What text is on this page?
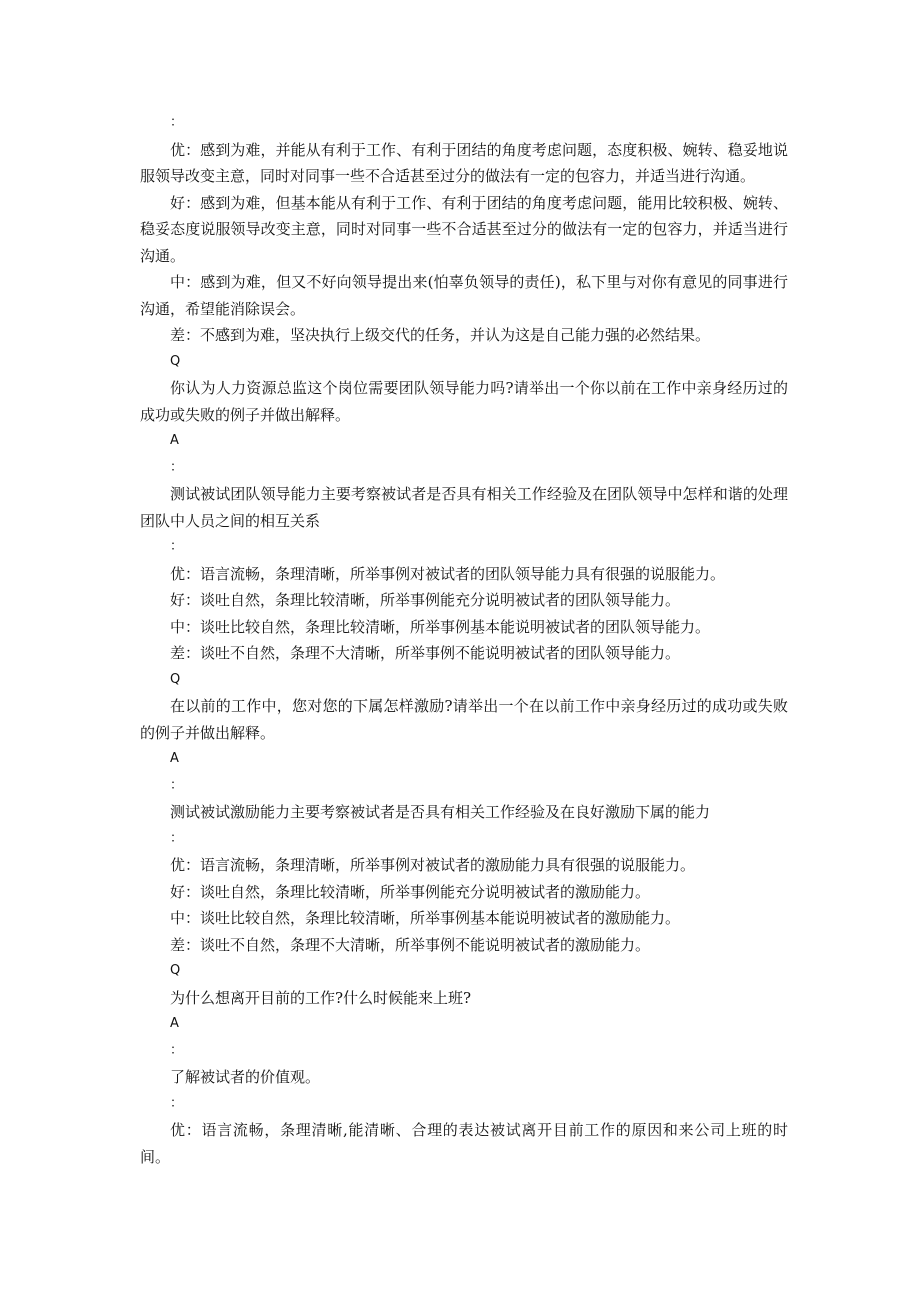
：

优：感到为难，并能从有利于工作、有利于团结的角度考虑问题，态度积极、婉转、稳妥地说服领导改变主意，同时对同事一些不合适甚至过分的做法有一定的包容力，并适当进行沟通。

好：感到为难，但基本能从有利于工作、有利于团结的角度考虑问题，能用比较积极、婉转、稳妥态度说服领导改变主意，同时对同事一些不合适甚至过分的做法有一定的包容力，并适当进行沟通。

中：感到为难，但又不好向领导提出来(怕辜负领导的责任)，私下里与对你有意见的同事进行沟通，希望能消除误会。

差：不感到为难，坚决执行上级交代的任务，并认为这是自己能力强的必然结果。

Q

你认为人力资源总监这个岗位需要团队领导能力吗?请举出一个你以前在工作中亲身经历过的成功或失败的例子并做出解释。

A

：

测试被试团队领导能力主要考察被试者是否具有相关工作经验及在团队领导中怎样和谐的处理团队中人员之间的相互关系

：

优：语言流畅，条理清晰，所举事例对被试者的团队领导能力具有很强的说服能力。

好：谈吐自然，条理比较清晰，所举事例能充分说明被试者的团队领导能力。

中：谈吐比较自然，条理比较清晰，所举事例基本能说明被试者的团队领导能力。

差：谈吐不自然，条理不大清晰，所举事例不能说明被试者的团队领导能力。

Q

在以前的工作中，您对您的下属怎样激励?请举出一个在以前工作中亲身经历过的成功或失败的例子并做出解释。

A

：

测试被试激励能力主要考察被试者是否具有相关工作经验及在良好激励下属的能力

：

优：语言流畅，条理清晰，所举事例对被试者的激励能力具有很强的说服能力。

好：谈吐自然，条理比较清晰，所举事例能充分说明被试者的激励能力。

中：谈吐比较自然，条理比较清晰，所举事例基本能说明被试者的激励能力。

差：谈吐不自然，条理不大清晰，所举事例不能说明被试者的激励能力。

Q

为什么想离开目前的工作?什么时候能来上班?

A

：

了解被试者的价值观。

：

优：语言流畅，条理清晰,能清晰、合理的表达被试离开目前工作的原因和来公司上班的时间。
